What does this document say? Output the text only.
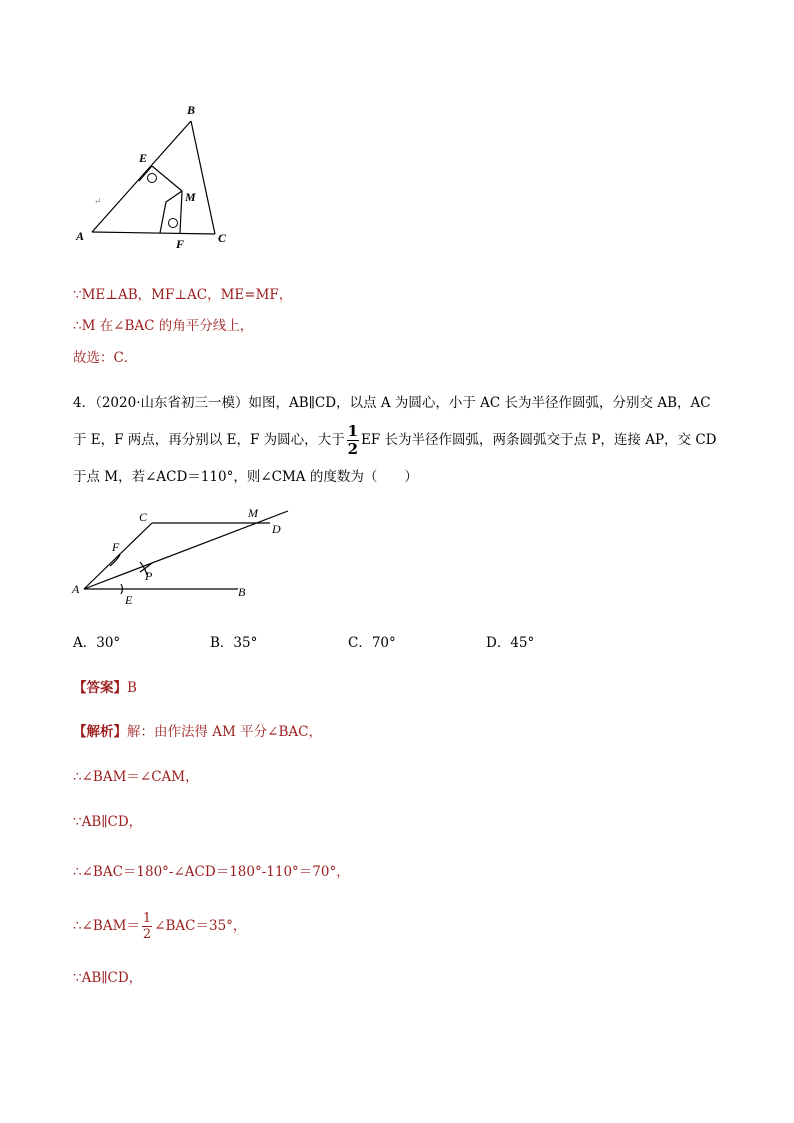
B
E
M
A
F	C
↵
∵ME⊥AB，MF⊥AC，ME=MF，
∴M 在∠BAC 的角平分线上，
故选：C．
4．（2020·山东省初三一模）如图，AB∥CD，以点 A 为圆心，小于 AC 长为半径作圆弧，分别交 AB，AC
于 E，F 两点，再分别以 E，F 为圆心，大于 $\frac{1}{2}$ EF 长为半径作圆弧，两条圆弧交于点 P，连接 AP，交 CD
于点 M，若∠ACD＝110°，则∠CMA 的度数为（　　）
C	M
D
F
P
A
E
B
A．30°	B．35°	C．70°	D．45°
【答案】B
【解析】解：由作法得 AM 平分∠BAC，
∴∠BAM＝∠CAM，
∵AB∥CD，
∴∠BAC＝180°-∠ACD＝180°-110°＝70°，
∴∠BAM＝ $\frac{1}{2}$ ∠BAC＝35°，
∵AB∥CD，
